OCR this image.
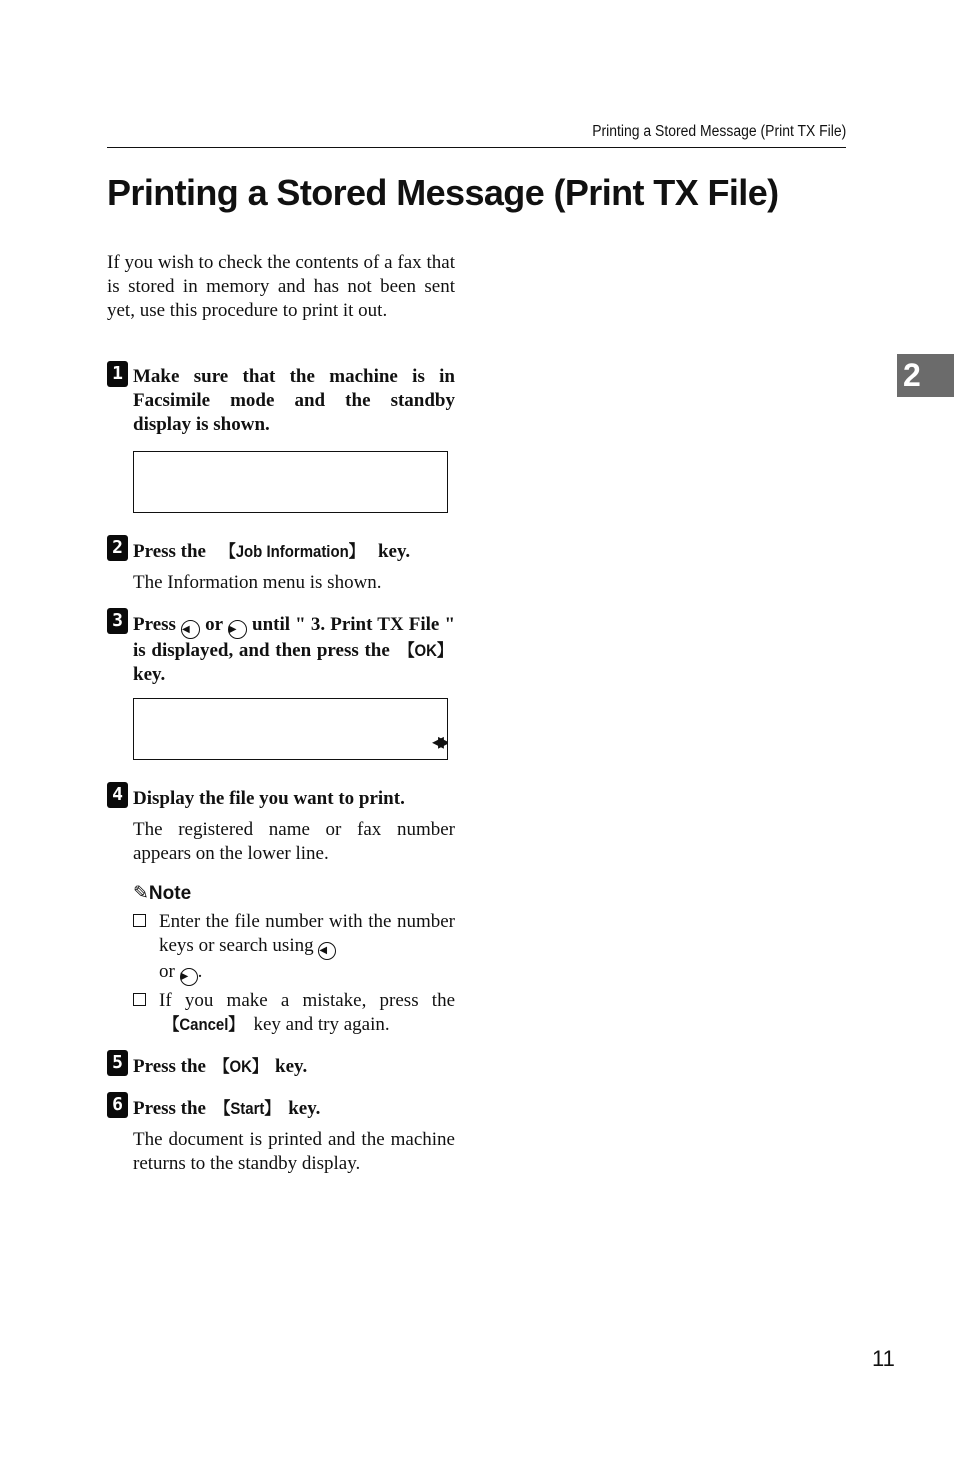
Printing a Stored Message (Print TX File)
Printing a Stored Message (Print TX File)
If you wish to check the contents of a fax that is stored in memory and has not been sent yet, use this procedure to print it out.
1 Make sure that the machine is in Facsimile mode and the standby display is shown.

2 Press the 【Job Information】 key.
The Information menu is shown.
3 Press ◀ or ▶ until " 3. Print TX File " is displayed, and then press the 【OK】 key.

◀▶

4 Display the file you want to print.
The registered name or fax number appears on the lower line.
✎Note
Enter the file number with the number keys or search using ◀
or ▶ .
If you make a mistake, press the 【Cancel】 key and try again.
5 Press the 【OK】 key.
6 Press the 【Start】 key.
The document is printed and the machine returns to the standby display.
2
11
